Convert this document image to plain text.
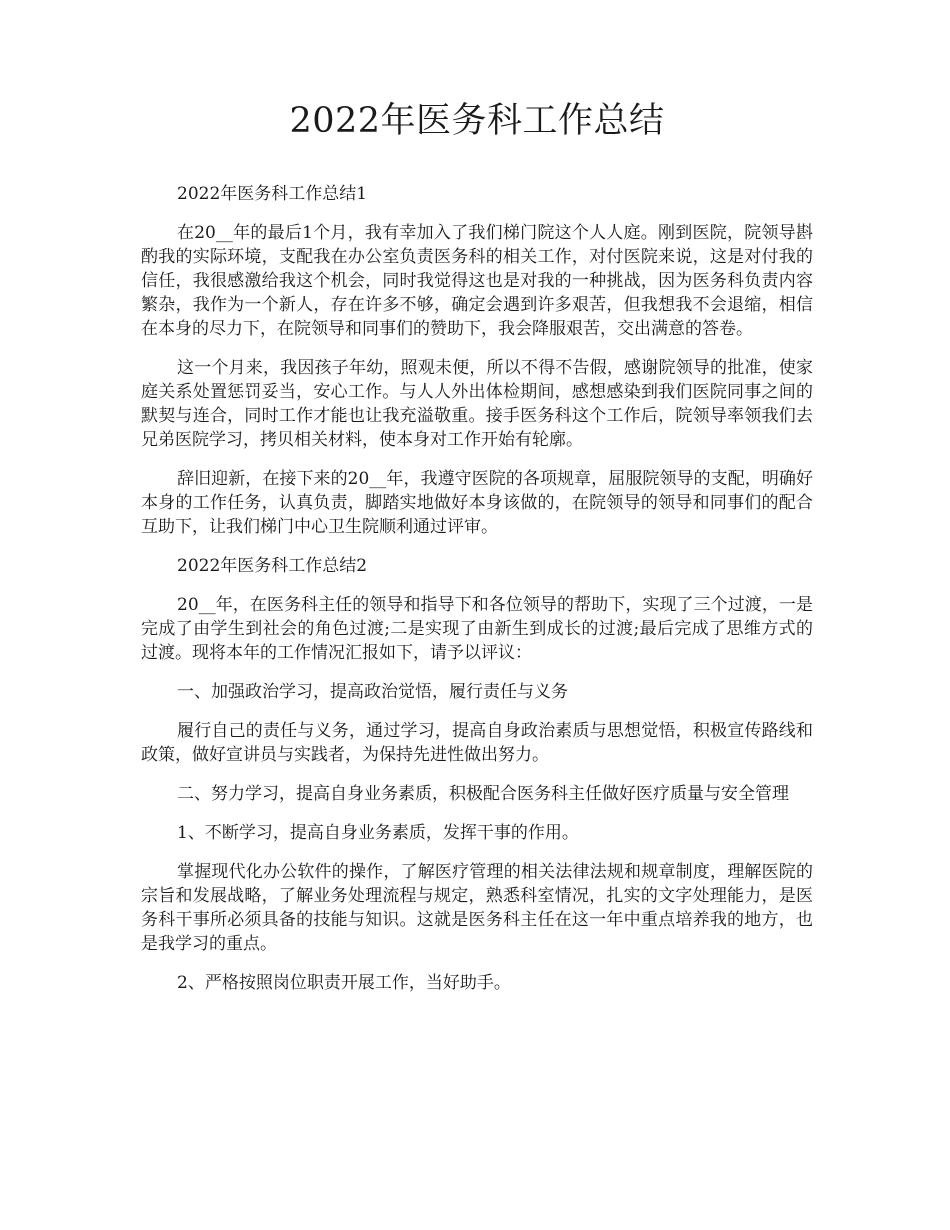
2022年医务科工作总结

2022年医务科工作总结1

在20__年的最后1个月，我有幸加入了我们梯门院这个人人庭。刚到医院，院领导斟酌我的实际环境，支配我在办公室负责医务科的相关工作，对付医院来说，这是对付我的信任，我很感激给我这个机会，同时我觉得这也是对我的一种挑战，因为医务科负责内容繁杂，我作为一个新人，存在许多不够，确定会遇到许多艰苦，但我想我不会退缩，相信在本身的尽力下，在院领导和同事们的赞助下，我会降服艰苦，交出满意的答卷。

这一个月来，我因孩子年幼，照观未便，所以不得不告假，感谢院领导的批准，使家庭关系处置惩罚妥当，安心工作。与人人外出体检期间，感想感染到我们医院同事之间的默契与连合，同时工作才能也让我充溢敬重。接手医务科这个工作后，院领导率领我们去兄弟医院学习，拷贝相关材料，使本身对工作开始有轮廓。

辞旧迎新，在接下来的20__年，我遵守医院的各项规章，屈服院领导的支配，明确好本身的工作任务，认真负责，脚踏实地做好本身该做的，在院领导的领导和同事们的配合互助下，让我们梯门中心卫生院顺利通过评审。

2022年医务科工作总结2

20__年，在医务科主任的领导和指导下和各位领导的帮助下，实现了三个过渡，一是完成了由学生到社会的角色过渡;二是实现了由新生到成长的过渡;最后完成了思维方式的过渡。现将本年的工作情况汇报如下，请予以评议：

一、加强政治学习，提高政治觉悟，履行责任与义务

履行自己的责任与义务，通过学习，提高自身政治素质与思想觉悟，积极宣传路线和政策，做好宣讲员与实践者，为保持先进性做出努力。

二、努力学习，提高自身业务素质，积极配合医务科主任做好医疗质量与安全管理

1、不断学习，提高自身业务素质，发挥干事的作用。

掌握现代化办公软件的操作，了解医疗管理的相关法律法规和规章制度，理解医院的宗旨和发展战略，了解业务处理流程与规定，熟悉科室情况，扎实的文字处理能力，是医务科干事所必须具备的技能与知识。这就是医务科主任在这一年中重点培养我的地方，也是我学习的重点。

2、严格按照岗位职责开展工作，当好助手。
